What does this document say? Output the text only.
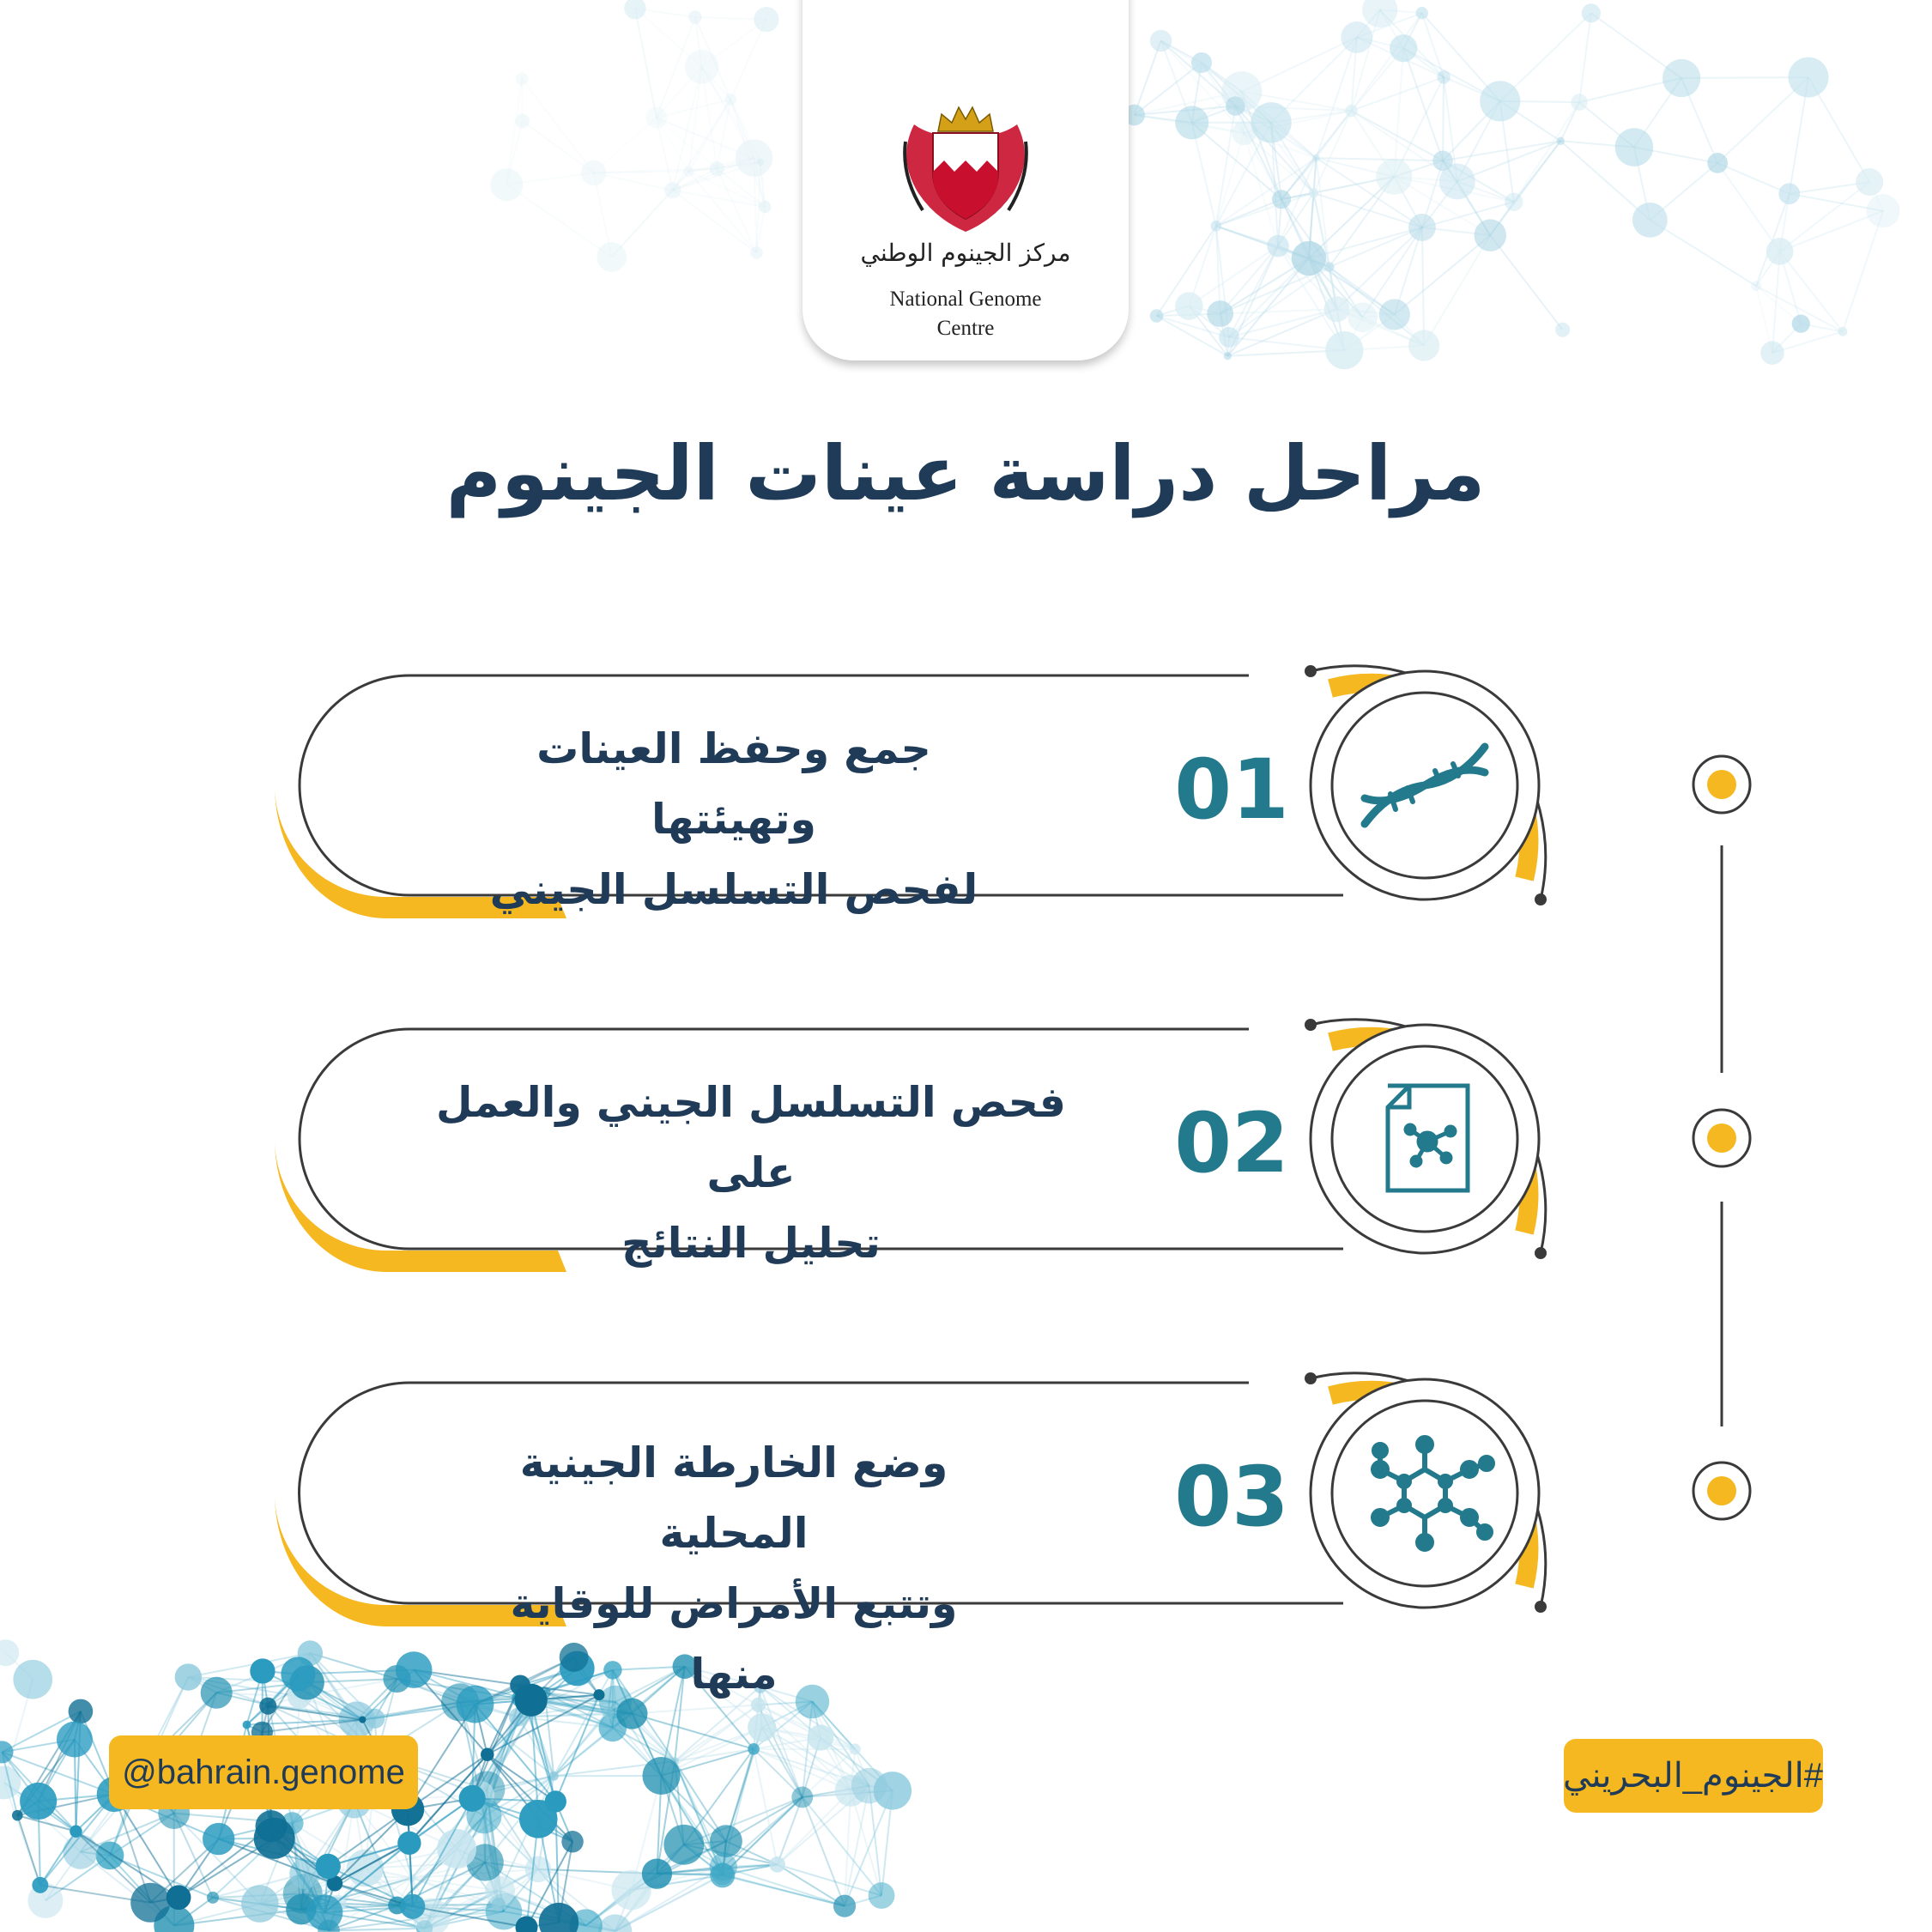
مركز الجينوم الوطني
National Genome
Centre
مراحل دراسة عينات الجينوم
جمع وحفظ العينات وتهيئتها
لفحص التسلسل الجيني
01
فحص التسلسل الجيني والعمل على
تحليل النتائج
02
وضع الخارطة الجينية المحلية
وتتبع الأمراض للوقاية منها
03
@bahrain.genome	#الجينوم_البحريني
